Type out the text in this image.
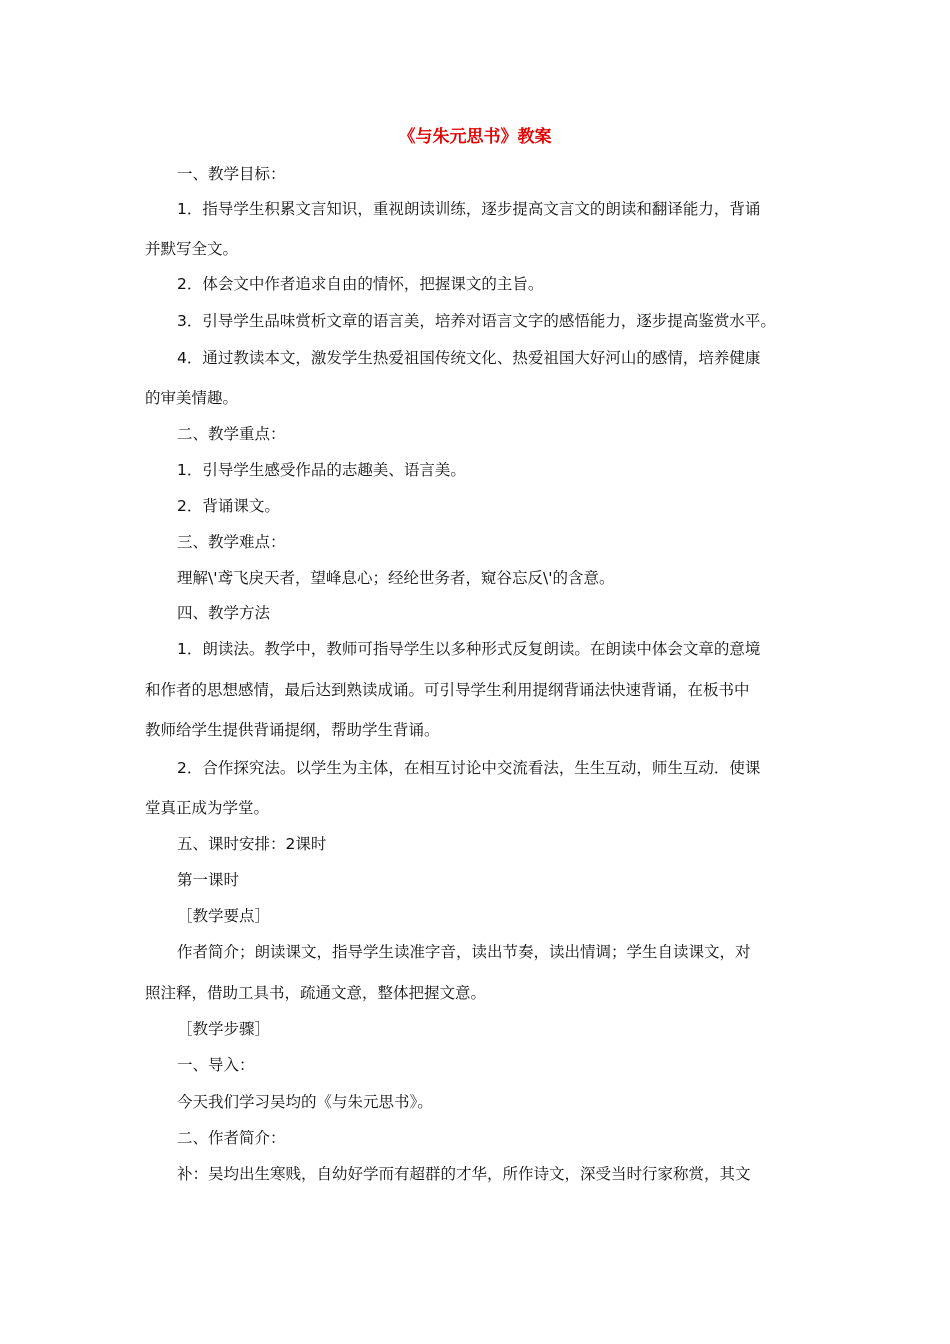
《与朱元思书》教案
一、教学目标：
1．指导学生积累文言知识，重视朗读训练，逐步提高文言文的朗读和翻译能力，背诵
并默写全文。
2．体会文中作者追求自由的情怀，把握课文的主旨。
3．引导学生品味赏析文章的语言美，培养对语言文字的感悟能力，逐步提高鉴赏水平。
4．通过教读本文，激发学生热爱祖国传统文化、热爱祖国大好河山的感情，培养健康
的审美情趣。
二、教学重点：
1．引导学生感受作品的志趣美、语言美。
2．背诵课文。
三、教学难点：
理解\'鸢飞戾天者，望峰息心；经纶世务者，窥谷忘反\'的含意。
四、教学方法
1．朗读法。教学中，教师可指导学生以多种形式反复朗读。在朗读中体会文章的意境
和作者的思想感情，最后达到熟读成诵。可引导学生利用提纲背诵法快速背诵，在板书中
教师给学生提供背诵提纲，帮助学生背诵。
2．合作探究法。以学生为主体，在相互讨论中交流看法，生生互动，师生互动．使课
堂真正成为学堂。
五、课时安排：2课时
第一课时
［教学要点］
作者简介；朗读课文，指导学生读准字音，读出节奏，读出情调；学生自读课文，对
照注释，借助工具书，疏通文意，整体把握文意。
［教学步骤］
一、导入：
今天我们学习吴均的《与朱元思书》。
二、作者简介：
补：吴均出生寒贱，自幼好学而有超群的才华，所作诗文，深受当时行家称赏，其文
